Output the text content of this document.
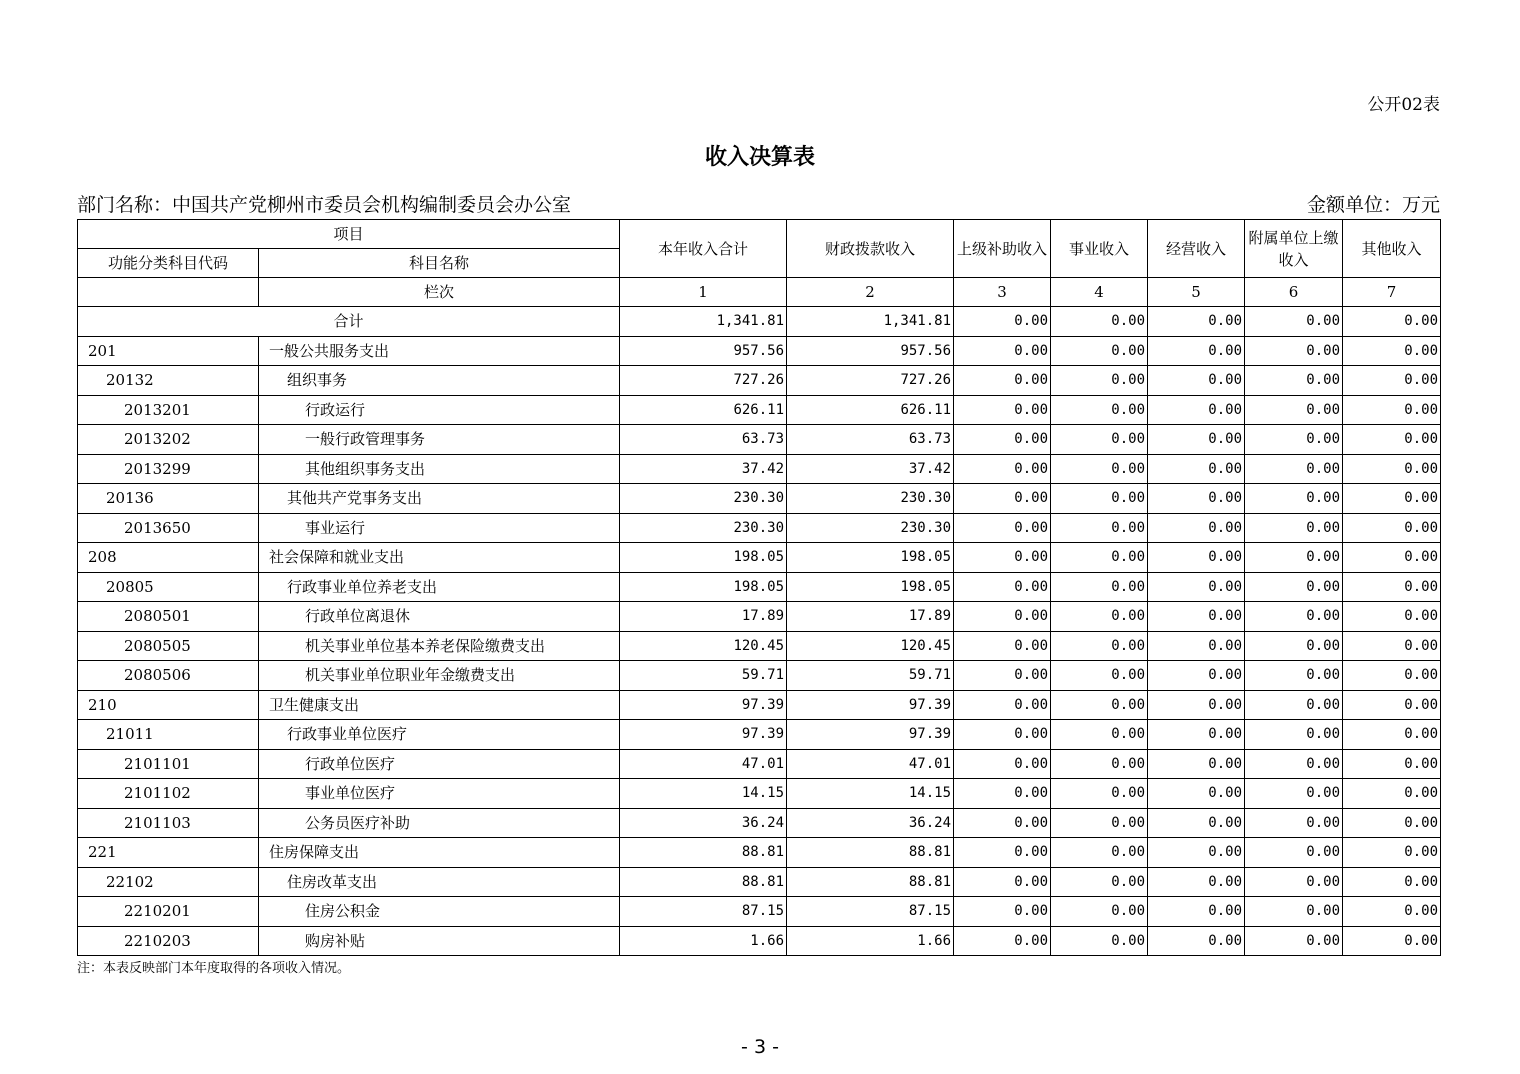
公开02表
收入决算表
部门名称：中国共产党柳州市委员会机构编制委员会办公室	金额单位：万元
项目		本年收入合计	财政拨款收入	上级补助收入	事业收入	经营收入	附属单位上缴收入	其他收入
功能分类科目代码	科目名称							
	栏次	1	2	3	4	5	6	7
合计		1,341.81	1,341.81	0.00	0.00	0.00	0.00	0.00
201	一般公共服务支出	957.56	957.56	0.00	0.00	0.00	0.00	0.00
20132	组织事务	727.26	727.26	0.00	0.00	0.00	0.00	0.00
2013201	行政运行	626.11	626.11	0.00	0.00	0.00	0.00	0.00
2013202	一般行政管理事务	63.73	63.73	0.00	0.00	0.00	0.00	0.00
2013299	其他组织事务支出	37.42	37.42	0.00	0.00	0.00	0.00	0.00
20136	其他共产党事务支出	230.30	230.30	0.00	0.00	0.00	0.00	0.00
2013650	事业运行	230.30	230.30	0.00	0.00	0.00	0.00	0.00
208	社会保障和就业支出	198.05	198.05	0.00	0.00	0.00	0.00	0.00
20805	行政事业单位养老支出	198.05	198.05	0.00	0.00	0.00	0.00	0.00
2080501	行政单位离退休	17.89	17.89	0.00	0.00	0.00	0.00	0.00
2080505	机关事业单位基本养老保险缴费支出	120.45	120.45	0.00	0.00	0.00	0.00	0.00
2080506	机关事业单位职业年金缴费支出	59.71	59.71	0.00	0.00	0.00	0.00	0.00
210	卫生健康支出	97.39	97.39	0.00	0.00	0.00	0.00	0.00
21011	行政事业单位医疗	97.39	97.39	0.00	0.00	0.00	0.00	0.00
2101101	行政单位医疗	47.01	47.01	0.00	0.00	0.00	0.00	0.00
2101102	事业单位医疗	14.15	14.15	0.00	0.00	0.00	0.00	0.00
2101103	公务员医疗补助	36.24	36.24	0.00	0.00	0.00	0.00	0.00
221	住房保障支出	88.81	88.81	0.00	0.00	0.00	0.00	0.00
22102	住房改革支出	88.81	88.81	0.00	0.00	0.00	0.00	0.00
2210201	住房公积金	87.15	87.15	0.00	0.00	0.00	0.00	0.00
2210203	购房补贴	1.66	1.66	0.00	0.00	0.00	0.00	0.00
注：本表反映部门本年度取得的各项收入情况。
- 3 -
